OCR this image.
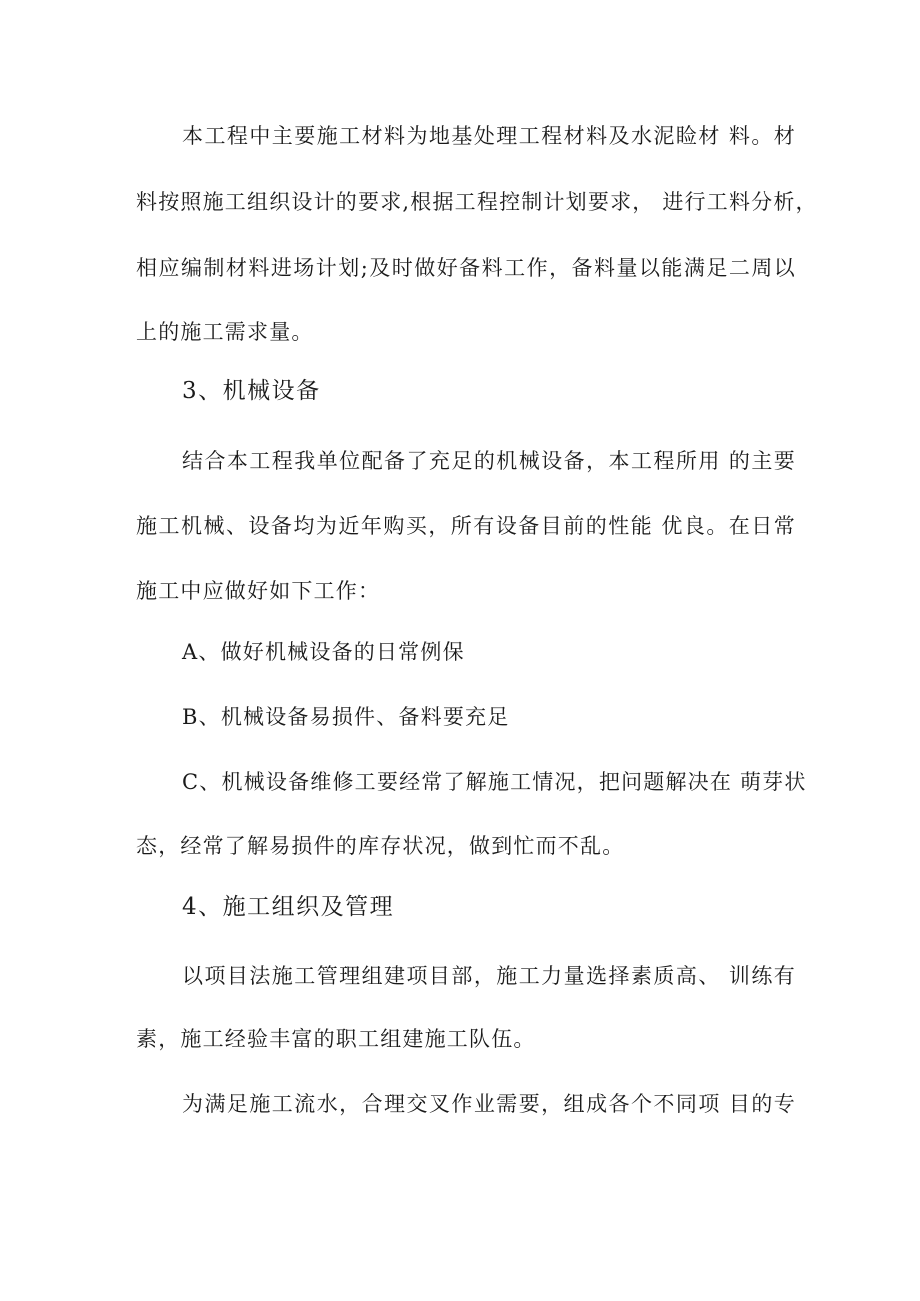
本工程中主要施工材料为地基处理工程材料及水泥睑材 料。材
料按照施工组织设计的要求,根据工程控制计划要求， 进行工料分析，
相应编制材料进场计划;及时做好备料工作，备料量以能满足二周以
上的施工需求量。
3、机械设备
结合本工程我单位配备了充足的机械设备，本工程所用 的主要
施工机械、设备均为近年购买，所有设备目前的性能 优良。在日常
施工中应做好如下工作：
A、做好机械设备的日常例保
B、机械设备易损件、备料要充足
C、机械设备维修工要经常了解施工情况，把问题解决在 萌芽状
态，经常了解易损件的库存状况，做到忙而不乱。
4、施工组织及管理
以项目法施工管理组建项目部，施工力量选择素质高、 训练有
素，施工经验丰富的职工组建施工队伍。
为满足施工流水，合理交叉作业需要，组成各个不同项 目的专
